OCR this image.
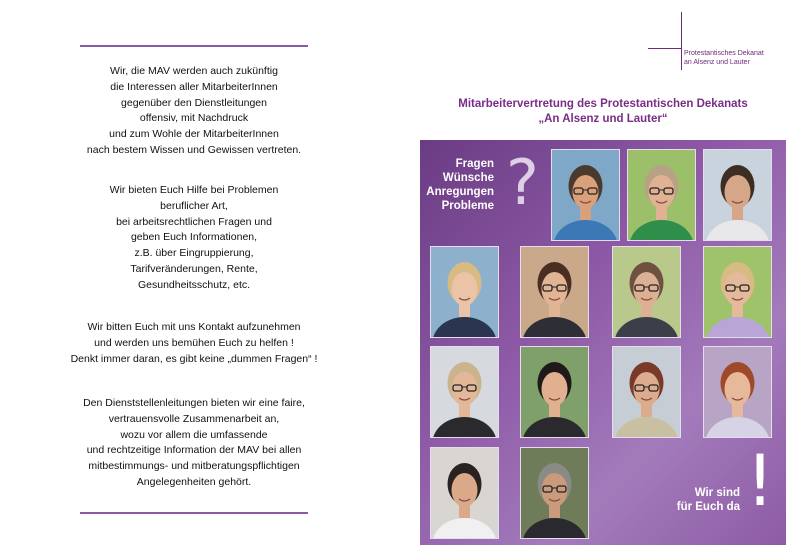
Wir, die MAV werden auch zukünftig
die Interessen aller MitarbeiterInnen
gegenüber den Dienstleitungen
offensiv, mit Nachdruck
und zum Wohle der MitarbeiterInnen
nach bestem Wissen und Gewissen vertreten.
Wir bieten Euch Hilfe bei Problemen
beruflicher Art,
bei arbeitsrechtlichen Fragen und
geben Euch Informationen,
z.B. über Eingruppierung,
Tarifveränderungen, Rente,
Gesundheitsschutz, etc.
Wir bitten Euch mit uns Kontakt aufzunehmen
und werden uns bemühen Euch zu helfen !
Denkt immer daran, es gibt keine „dummen Fragen“ !
Den Dienststellenleitungen bieten wir eine faire,
vertrauensvolle Zusammenarbeit an,
wozu vor allem die umfassende
und rechtzeitige Information der MAV bei allen
mitbestimmungs- und mitberatungspflichtigen
Angelegenheiten gehört.
Protestantisches Dekanat
an Alsenz und Lauter
Mitarbeitervertretung des Protestantischen Dekanats
„An Alsenz und Lauter“
Fragen
Wünsche
Anregungen
Probleme ?
Wir sind
für Euch da !
